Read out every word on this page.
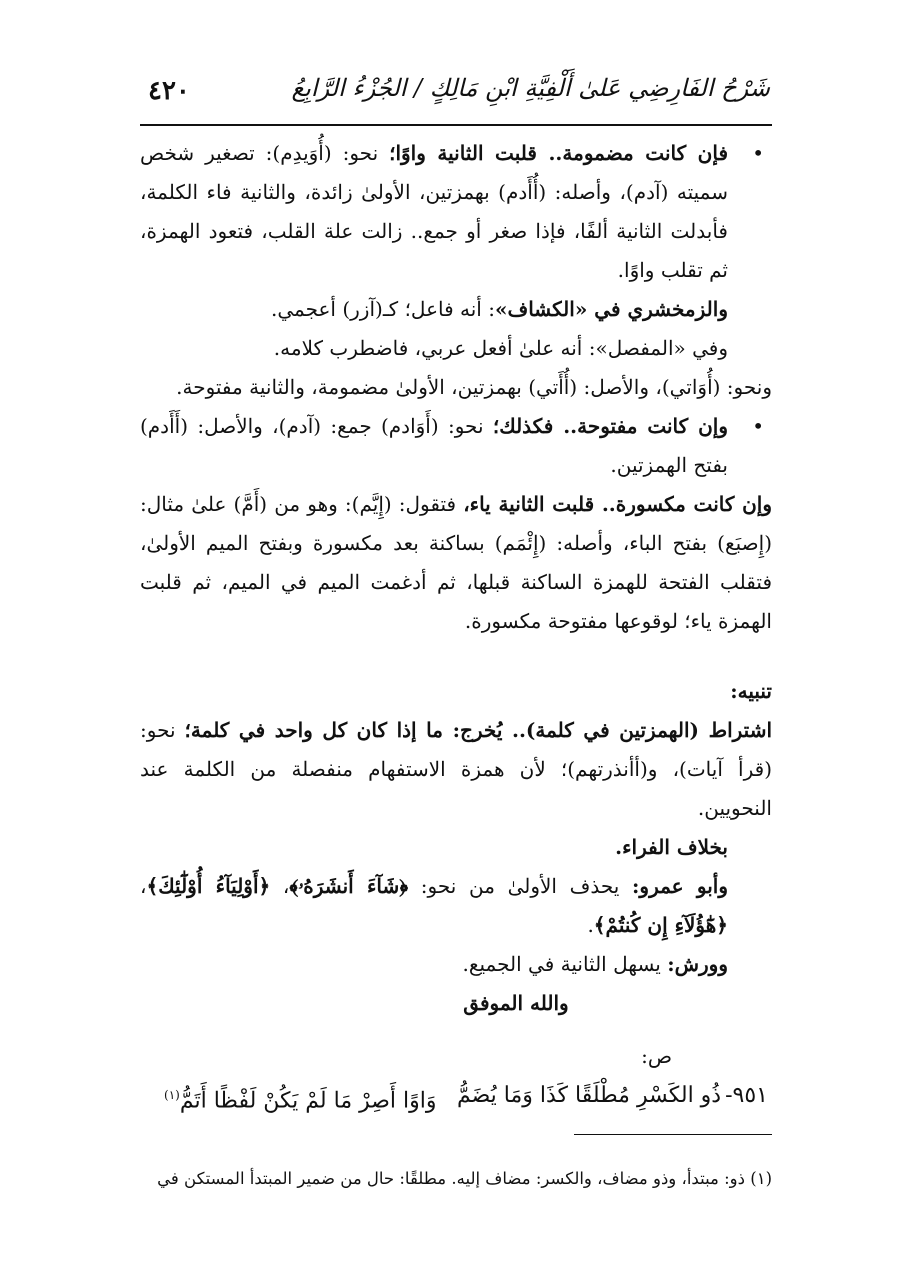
٤٢٠	شَرْحُ الفَارِضِي عَلىٰ أَلْفِيَّةِ ابْنِ مَالِكٍ / الجُزْءُ الرَّابِعُ

• فإن كانت مضمومة.. قلبت الثانية واوًا؛ نحو: (أُوَيدِم): تصغير شخص سميته (آدم)، وأصله: (أُأَدم) بهمزتين، الأولىٰ زائدة، والثانية فاء الكلمة، فأبدلت الثانية ألفًا، فإذا صغر أو جمع.. زالت علة القلب، فتعود الهمزة، ثم تقلب واوًا.

والزمخشري في «الكشاف»: أنه فاعل؛ كـ(آزر) أعجمي.

وفي «المفصل»: أنه علىٰ أفعل عربي، فاضطرب كلامه.

ونحو: (أُوَاتي)، والأصل: (أُأَتي) بهمزتين، الأولىٰ مضمومة، والثانية مفتوحة.

• وإن كانت مفتوحة.. فكذلك؛ نحو: (أَوَادم) جمع: (آدم)، والأصل: (أَأَدم) بفتح الهمزتين.

وإن كانت مكسورة.. قلبت الثانية ياء، فتقول: (إِيَّم): وهو من (أَمَّ) علىٰ مثال: (إِصبَع) بفتح الباء، وأصله: (إِئْمَم) بساكنة بعد مكسورة وبفتح الميم الأولىٰ، فتقلب الفتحة للهمزة الساكنة قبلها، ثم أدغمت الميم في الميم، ثم قلبت الهمزة ياء؛ لوقوعها مفتوحة مكسورة.

تنبيه:

اشتراط (الهمزتين في كلمة).. يُخرج: ما إذا كان كل واحد في كلمة؛ نحو: (قرأ آيات)، و(أأنذرتهم)؛ لأن همزة الاستفهام منفصلة من الكلمة عند النحويين.

بخلاف الفراء.

وأبو عمرو: يحذف الأولىٰ من نحو: ﴿شَآءَ أَنشَرَهُۥ﴾، ﴿أَوْلِيَآءُ أُوْلَٰٓئِكَ﴾، ﴿هَٰٓؤُلَآءِ إِن كُنتُمْ﴾.

وورش: يسهل الثانية في الجميع.

والله الموفق

ص:

٩٥١-ذُو الكَسْرِ مُطْلَقًا كَذَا وَمَا يُضَمُّ
وَاوًا أَصِرْ مَا لَمْ يَكُنْ لَفْظًا أَتَمُّ$^{(١)}$

(١) ذو: مبتدأ، وذو مضاف، والكسر: مضاف إليه. مطلقًا: حال من ضمير المبتدأ المستكن في
